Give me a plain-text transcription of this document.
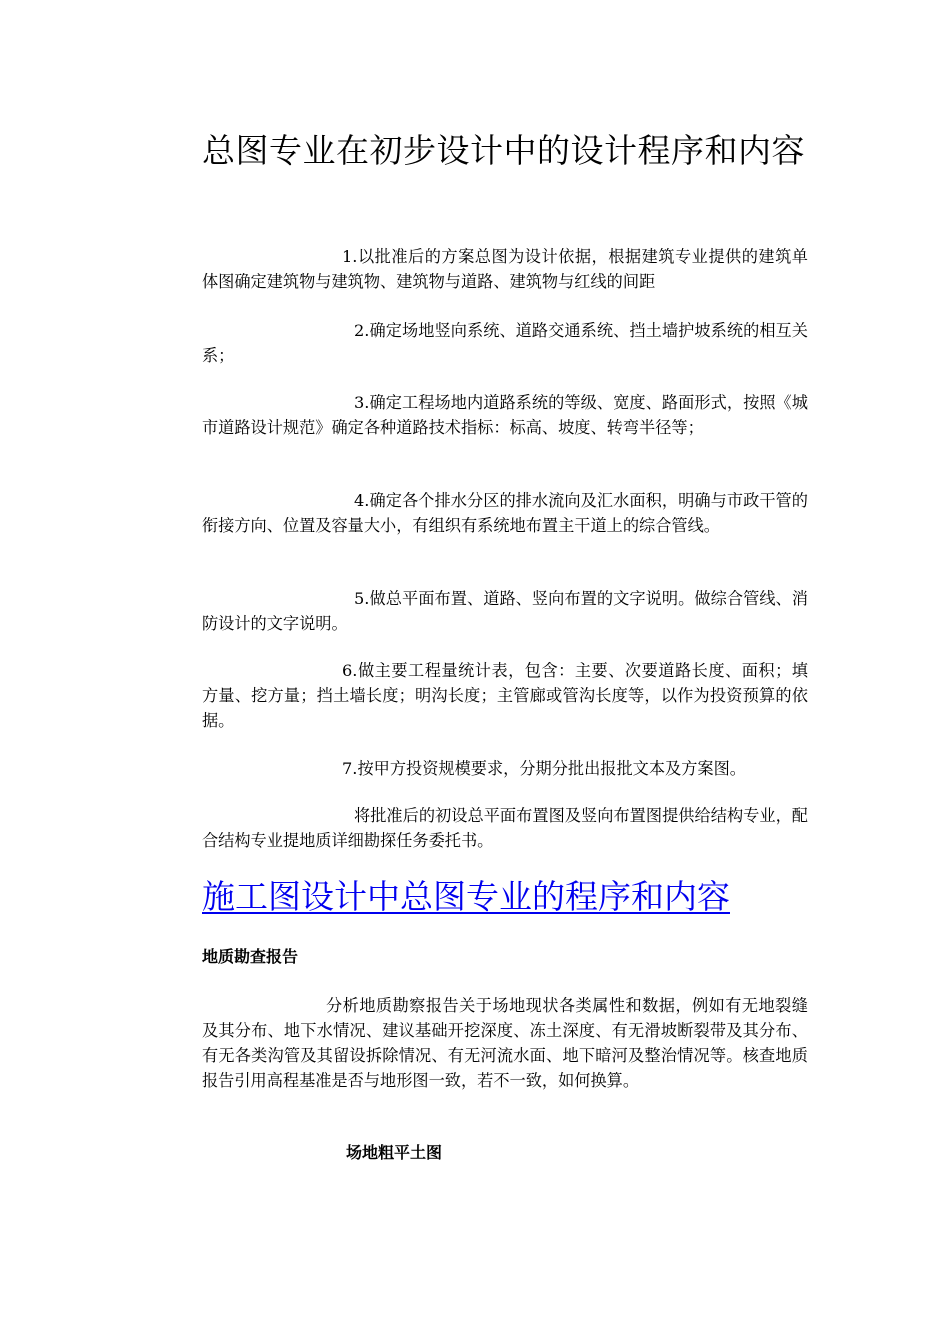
总图专业在初步设计中的设计程序和内容

1.以批准后的方案总图为设计依据，根据建筑专业提供的建筑单体图确定建筑物与建筑物、建筑物与道路、建筑物与红线的间距

2.确定场地竖向系统、道路交通系统、挡土墙护坡系统的相互关系；

3.确定工程场地内道路系统的等级、宽度、路面形式，按照《城市道路设计规范》确定各种道路技术指标：标高、坡度、转弯半径等；

4.确定各个排水分区的排水流向及汇水面积，明确与市政干管的衔接方向、位置及容量大小，有组织有系统地布置主干道上的综合管线。

5.做总平面布置、道路、竖向布置的文字说明。做综合管线、消防设计的文字说明。

6.做主要工程量统计表，包含：主要、次要道路长度、面积；填方量、挖方量；挡土墙长度；明沟长度；主管廊或管沟长度等，以作为投资预算的依据。

7.按甲方投资规模要求，分期分批出报批文本及方案图。

将批准后的初设总平面布置图及竖向布置图提供给结构专业，配合结构专业提地质详细勘探任务委托书。

施工图设计中总图专业的程序和内容
地质勘查报告

分析地质勘察报告关于场地现状各类属性和数据，例如有无地裂缝及其分布、地下水情况、建议基础开挖深度、冻土深度、有无滑坡断裂带及其分布、有无各类沟管及其留设拆除情况、有无河流水面、地下暗河及整治情况等。核查地质报告引用高程基准是否与地形图一致，若不一致，如何换算。

场地粗平土图
